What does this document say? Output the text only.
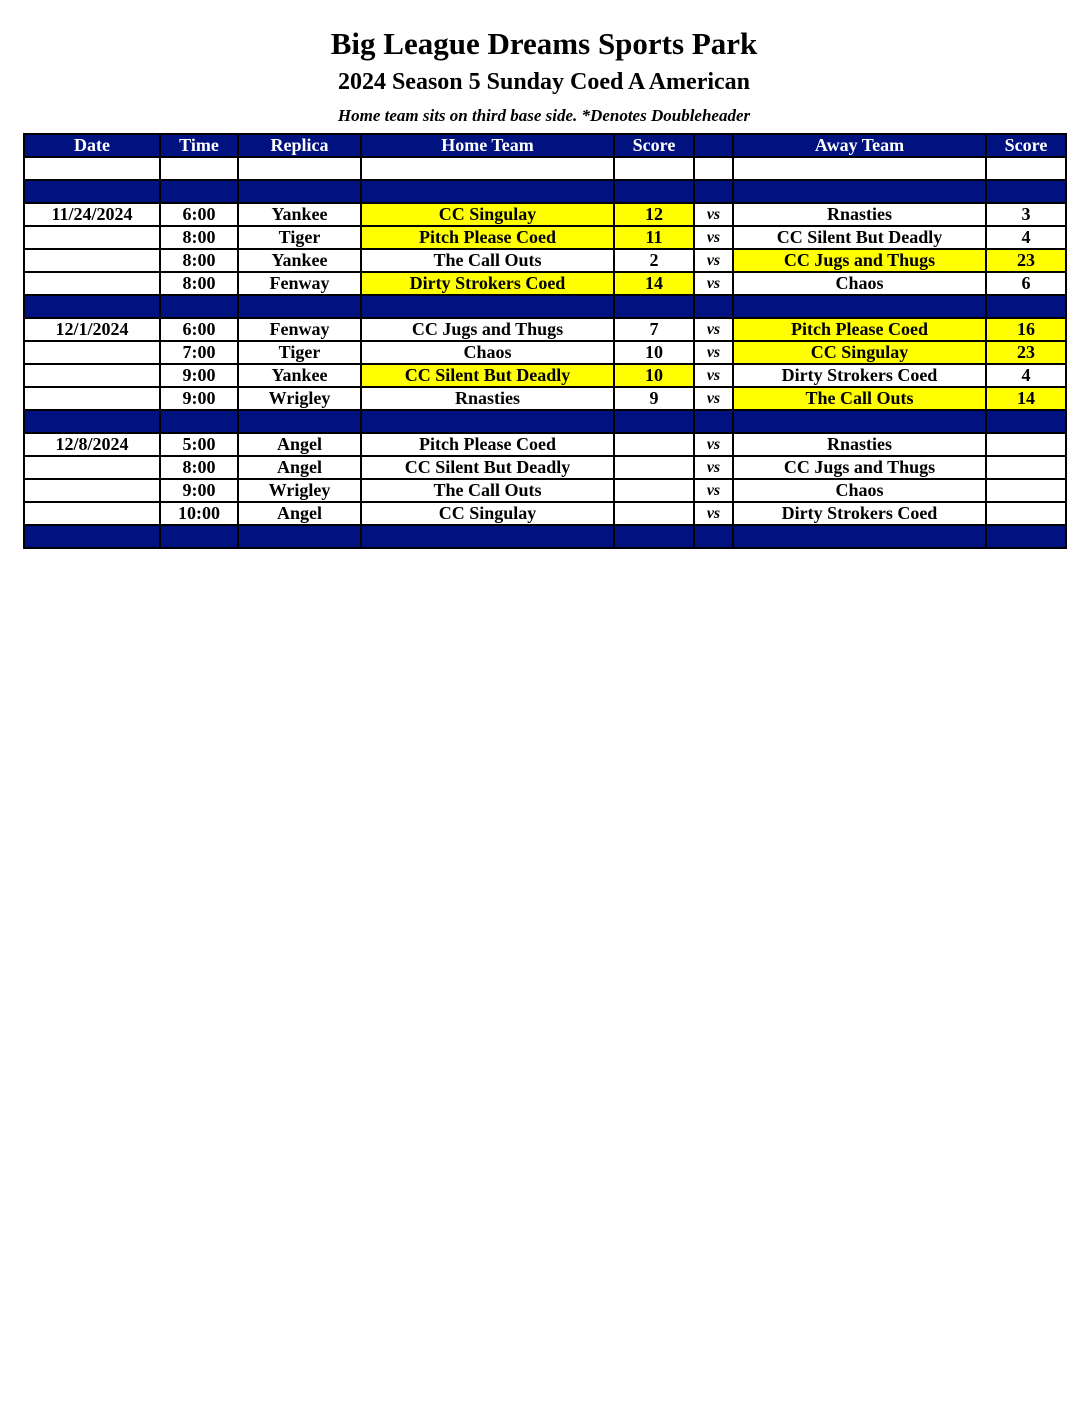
Big League Dreams Sports Park
2024 Season 5 Sunday Coed A American
Home team sits on third base side. *Denotes Doubleheader
Date	Time	Replica	Home Team	Score		Away Team	Score

11/24/2024	6:00	Yankee	CC Singulay	12	vs	Rnasties	3
	8:00	Tiger	Pitch Please Coed	11	vs	CC Silent But Deadly	4
	8:00	Yankee	The Call Outs	2	vs	CC Jugs and Thugs	23
	8:00	Fenway	Dirty Strokers Coed	14	vs	Chaos	6

12/1/2024	6:00	Fenway	CC Jugs and Thugs	7	vs	Pitch Please Coed	16
	7:00	Tiger	Chaos	10	vs	CC Singulay	23
	9:00	Yankee	CC Silent But Deadly	10	vs	Dirty Strokers Coed	4
	9:00	Wrigley	Rnasties	9	vs	The Call Outs	14

12/8/2024	5:00	Angel	Pitch Please Coed		vs	Rnasties	
	8:00	Angel	CC Silent But Deadly		vs	CC Jugs and Thugs	
	9:00	Wrigley	The Call Outs		vs	Chaos	
	10:00	Angel	CC Singulay		vs	Dirty Strokers Coed	
